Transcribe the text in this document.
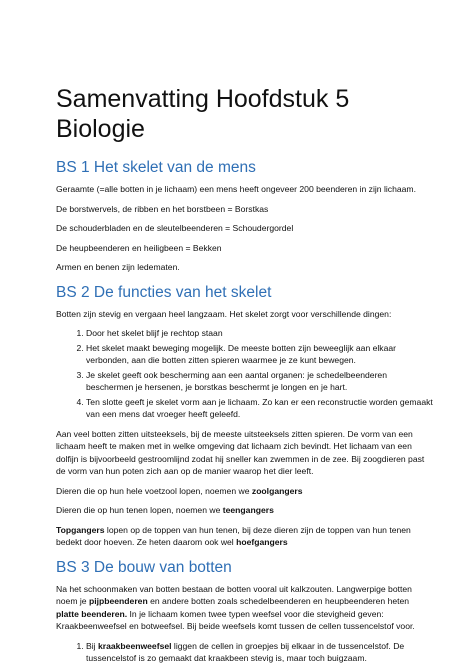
Samenvatting Hoofdstuk 5 Biologie
BS 1 Het skelet van de mens

Geraamte (=alle botten in je lichaam) een mens heeft ongeveer 200 beenderen in zijn lichaam.

De borstwervels, de ribben en het borstbeen = Borstkas

De schouderbladen en de sleutelbeenderen = Schoudergordel

De heupbeenderen en heiligbeen = Bekken

Armen en benen zijn ledematen.

BS 2 De functies van het skelet

Botten zijn stevig en vergaan heel langzaam. Het skelet zorgt voor verschillende dingen:

1. Door het skelet blijf je rechtop staan
2. Het skelet maakt beweging mogelijk. De meeste botten zijn beweeglijk aan elkaar verbonden, aan die botten zitten spieren waarmee je ze kunt bewegen.
3. Je skelet geeft ook bescherming aan een aantal organen: je schedelbeenderen beschermen je hersenen, je borstkas beschermt je longen en je hart.
4. Ten slotte geeft je skelet vorm aan je lichaam. Zo kan er een reconstructie worden gemaakt van een mens dat vroeger heeft geleefd.

Aan veel botten zitten uitsteeksels, bij de meeste uitsteeksels zitten spieren. De vorm van een lichaam heeft te maken met in welke omgeving dat lichaam zich bevindt. Het lichaam van een dolfijn is bijvoorbeeld gestroomlijnd zodat hij sneller kan zwemmen in de zee. Bij zoogdieren past de vorm van hun poten zich aan op de manier waarop het dier leeft.

Dieren die op hun hele voetzool lopen, noemen we zoolgangers

Dieren die op hun tenen lopen, noemen we teengangers

Topgangers lopen op de toppen van hun tenen, bij deze dieren zijn de toppen van hun tenen bedekt door hoeven. Ze heten daarom ook wel hoefgangers

BS 3 De bouw van botten

Na het schoonmaken van botten bestaan de botten vooral uit kalkzouten. Langwerpige botten noem je pijpbeenderen en andere botten zoals schedelbeenderen en heupbeenderen heten platte beenderen. In je lichaam komen twee typen weefsel voor die stevigheid geven: Kraakbeenweefsel en botweefsel. Bij beide weefsels komt tussen de cellen tussencelstof voor.

1. Bij kraakbeenweefsel liggen de cellen in groepjes bij elkaar in de tussencelstof. De tussencelstof is zo gemaakt dat kraakbeen stevig is, maar toch buigzaam.
